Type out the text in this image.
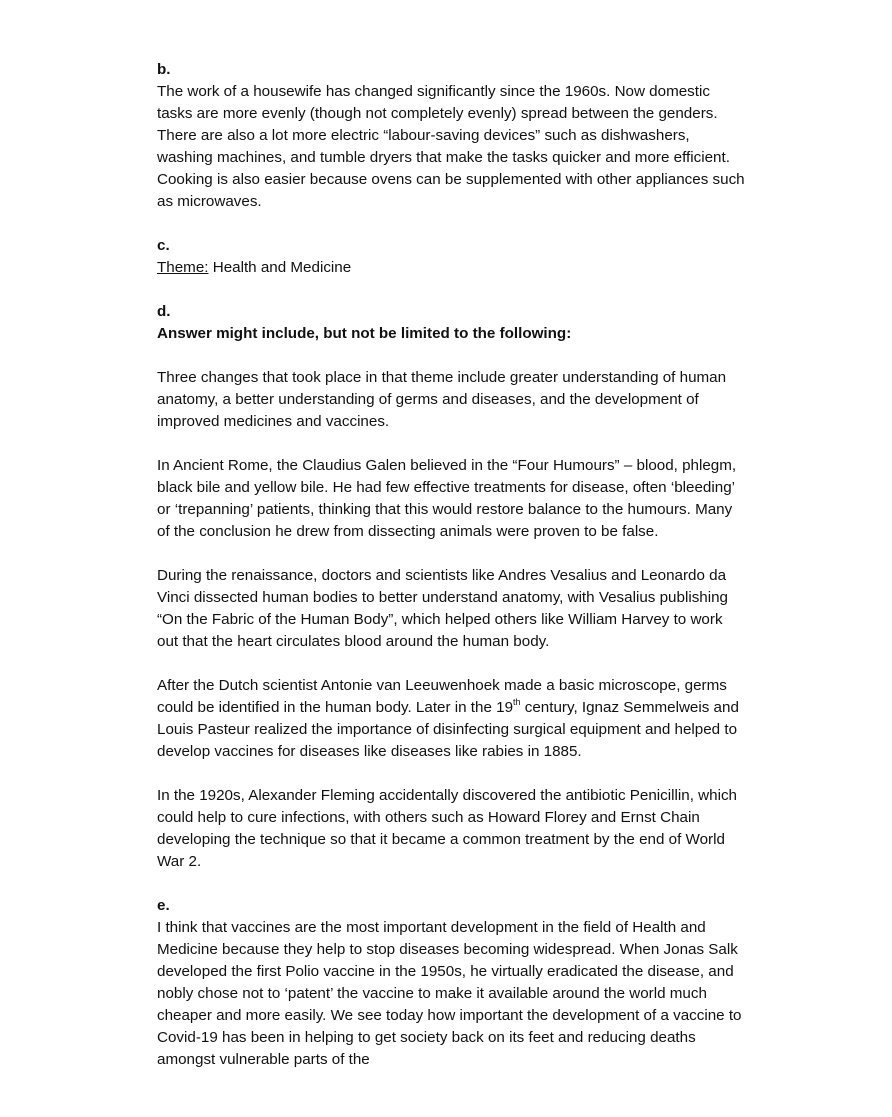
b.

The work of a housewife has changed significantly since the 1960s. Now domestic tasks are more evenly (though not completely evenly) spread between the genders. There are also a lot more electric “labour-saving devices” such as dishwashers, washing machines, and tumble dryers that make the tasks quicker and more efficient. Cooking is also easier because ovens can be supplemented with other appliances such as microwaves.

c.

Theme: Health and Medicine

d.

Answer might include, but not be limited to the following:

Three changes that took place in that theme include greater understanding of human anatomy, a better understanding of germs and diseases, and the development of improved medicines and vaccines.

In Ancient Rome, the Claudius Galen believed in the “Four Humours” – blood, phlegm, black bile and yellow bile. He had few effective treatments for disease, often ‘bleeding’ or ‘trepanning’ patients, thinking that this would restore balance to the humours. Many of the conclusion he drew from dissecting animals were proven to be false.

During the renaissance, doctors and scientists like Andres Vesalius and Leonardo da Vinci dissected human bodies to better understand anatomy, with Vesalius publishing “On the Fabric of the Human Body”, which helped others like William Harvey to work out that the heart circulates blood around the human body.

After the Dutch scientist Antonie van Leeuwenhoek made a basic microscope, germs could be identified in the human body. Later in the 19th century, Ignaz Semmelweis and Louis Pasteur realized the importance of disinfecting surgical equipment and helped to develop vaccines for diseases like diseases like rabies in 1885.

In the 1920s, Alexander Fleming accidentally discovered the antibiotic Penicillin, which could help to cure infections, with others such as Howard Florey and Ernst Chain developing the technique so that it became a common treatment by the end of World War 2.

e.

I think that vaccines are the most important development in the field of Health and Medicine because they help to stop diseases becoming widespread. When Jonas Salk developed the first Polio vaccine in the 1950s, he virtually eradicated the disease, and nobly chose not to ‘patent’ the vaccine to make it available around the world much cheaper and more easily. We see today how important the development of a vaccine to Covid-19 has been in helping to get society back on its feet and reducing deaths amongst vulnerable parts of the
